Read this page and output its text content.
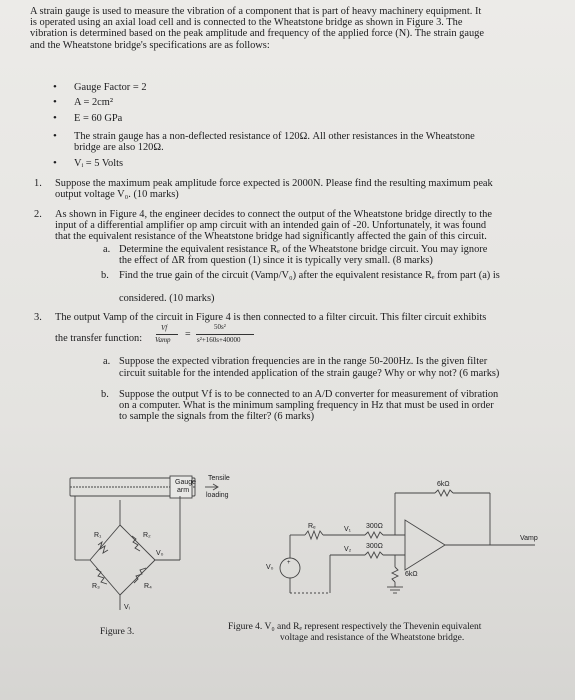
A strain gauge is used to measure the vibration of a component that is part of heavy machinery equipment. It
is operated using an axial load cell and is connected to the Wheatstone bridge as shown in Figure 3. The
vibration is determined based on the peak amplitude and frequency of the applied force (N). The strain gauge
and the Wheatstone bridge's specifications are as follows:
• Gauge Factor = 2
• A = 2cm²
• E = 60 GPa
• The strain gauge has a non-deflected resistance of 120Ω. All other resistances in the Wheatstone
bridge are also 120Ω.
• Vᵢ = 5 Volts
1. Suppose the maximum peak amplitude force expected is 2000N. Please find the resulting maximum peak
output voltage V₀. (10 marks)
2. As shown in Figure 4, the engineer decides to connect the output of the Wheatstone bridge directly to the
input of a differential amplifier op amp circuit with an intended gain of -20. Unfortunately, it was found
that the equivalent resistance of the Wheatstone bridge had significantly affected the gain of this circuit.
a. Determine the equivalent resistance Rₑ of the Wheatstone bridge circuit. You may ignore
the effect of ΔR from question (1) since it is typically very small. (8 marks)
b. Find the true gain of the circuit (Vamp/V₀) after the equivalent resistance Rₑ from part (a) is
considered. (10 marks)
3. The output Vamp of the circuit in Figure 4 is then connected to a filter circuit. This filter circuit exhibits
the transfer function:
Vf
Vamp =
50s²
s²+160s+40000
a. Suppose the expected vibration frequencies are in the range 50-200Hz. Is the given filter
circuit suitable for the intended application of the strain gauge? Why or why not? (6 marks)
b. Suppose the output Vf is to be connected to an A/D converter for measurement of vibration
on a computer. What is the minimum sampling frequency in Hz that must be used in order
to sample the signals from the filter? (6 marks)
Gauge
arm
Tensile
loading
R₁	R₂
R₃	R₄
Vᵢ
V₀
Figure 3.
+
V₀
Rₑ	V₁
V₂
300Ω
300Ω
6kΩ
6kΩ
Vamp
Figure 4. V₀ and Rₑ represent respectively the Thevenin equivalent
voltage and resistance of the Wheatstone bridge.
